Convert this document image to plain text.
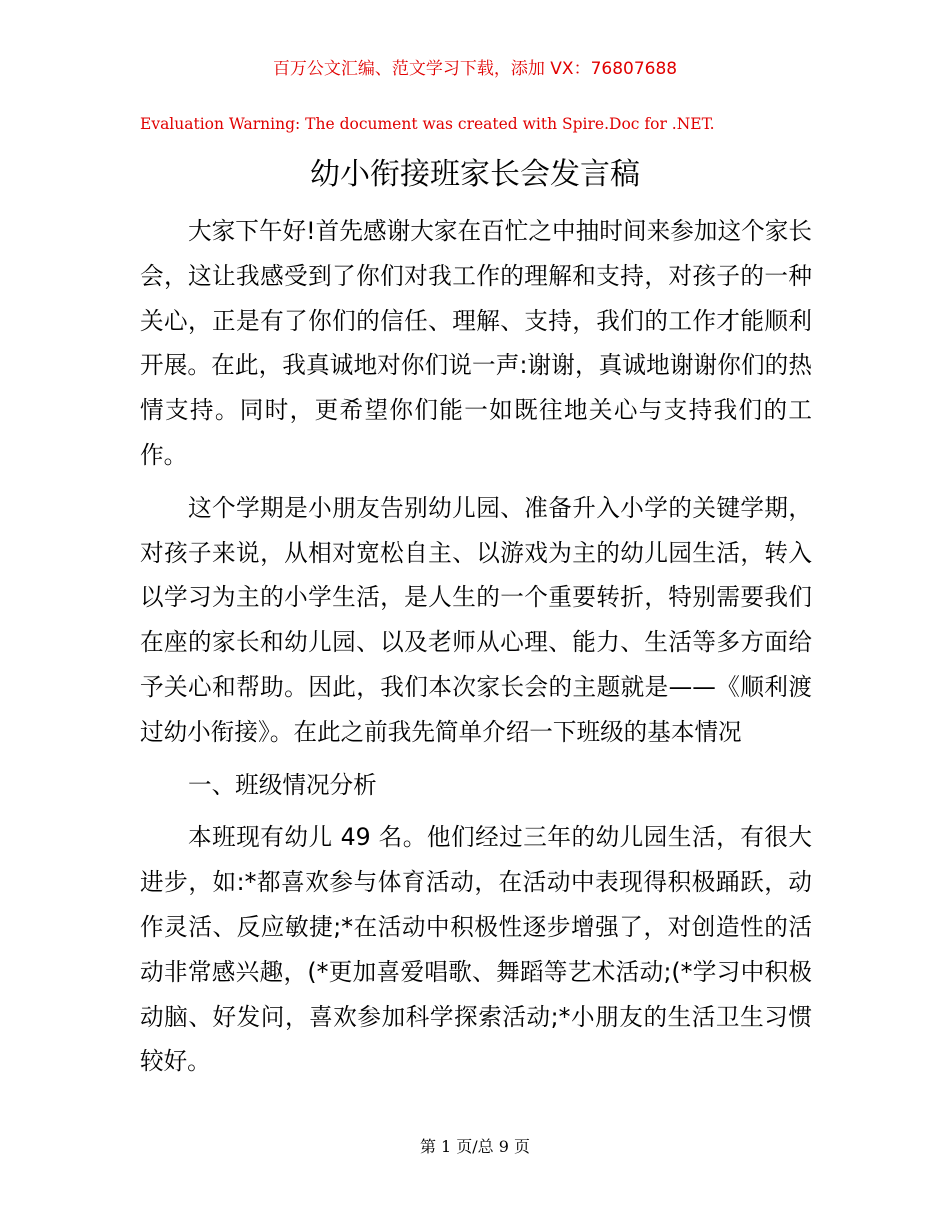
百万公文汇编、范文学习下载，添加 VX：76807688
Evaluation Warning: The document was created with Spire.Doc for .NET.
幼小衔接班家长会发言稿

大家下午好!首先感谢大家在百忙之中抽时间来参加这个家长会，这让我感受到了你们对我工作的理解和支持，对孩子的一种关心，正是有了你们的信任、理解、支持，我们的工作才能顺利开展。在此，我真诚地对你们说一声:谢谢，真诚地谢谢你们的热情支持。同时，更希望你们能一如既往地关心与支持我们的工作。

这个学期是小朋友告别幼儿园、准备升入小学的关键学期，对孩子来说，从相对宽松自主、以游戏为主的幼儿园生活，转入以学习为主的小学生活，是人生的一个重要转折，特别需要我们在座的家长和幼儿园、以及老师从心理、能力、生活等多方面给予关心和帮助。因此，我们本次家长会的主题就是——《顺利渡过幼小衔接》。在此之前我先简单介绍一下班级的基本情况

一、班级情况分析

本班现有幼儿 49 名。他们经过三年的幼儿园生活，有很大进步，如:*都喜欢参与体育活动，在活动中表现得积极踊跃，动作灵活、反应敏捷;*在活动中积极性逐步增强了，对创造性的活动非常感兴趣，(*更加喜爱唱歌、舞蹈等艺术活动;(*学习中积极动脑、好发问，喜欢参加科学探索活动;*小朋友的生活卫生习惯较好。

第 1 页/总 9 页
